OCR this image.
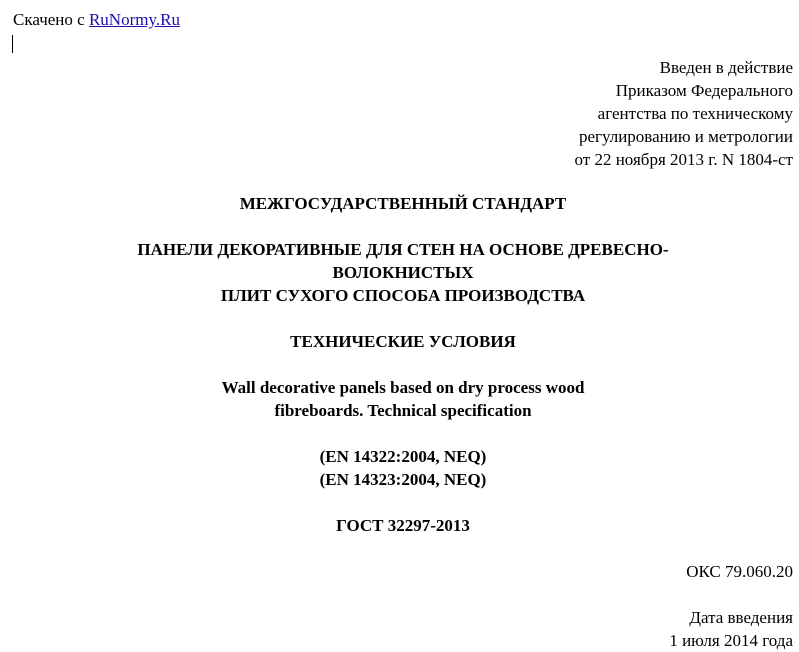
Скачено с RuNormy.Ru
Введен в действие
Приказом Федерального
агентства по техническому
регулированию и метрологии
от 22 ноября 2013 г. N 1804-ст
МЕЖГОСУДАРСТВЕННЫЙ СТАНДАРТ
ПАНЕЛИ ДЕКОРАТИВНЫЕ ДЛЯ СТЕН НА ОСНОВЕ ДРЕВЕСНО-
ВОЛОКНИСТЫХ
ПЛИТ СУХОГО СПОСОБА ПРОИЗВОДСТВА
ТЕХНИЧЕСКИЕ УСЛОВИЯ
Wall decorative panels based on dry process wood
fibreboards. Technical specification
(EN 14322:2004, NEQ)
(EN 14323:2004, NEQ)
ГОСТ 32297-2013
ОКС 79.060.20
Дата введения
1 июля 2014 года
